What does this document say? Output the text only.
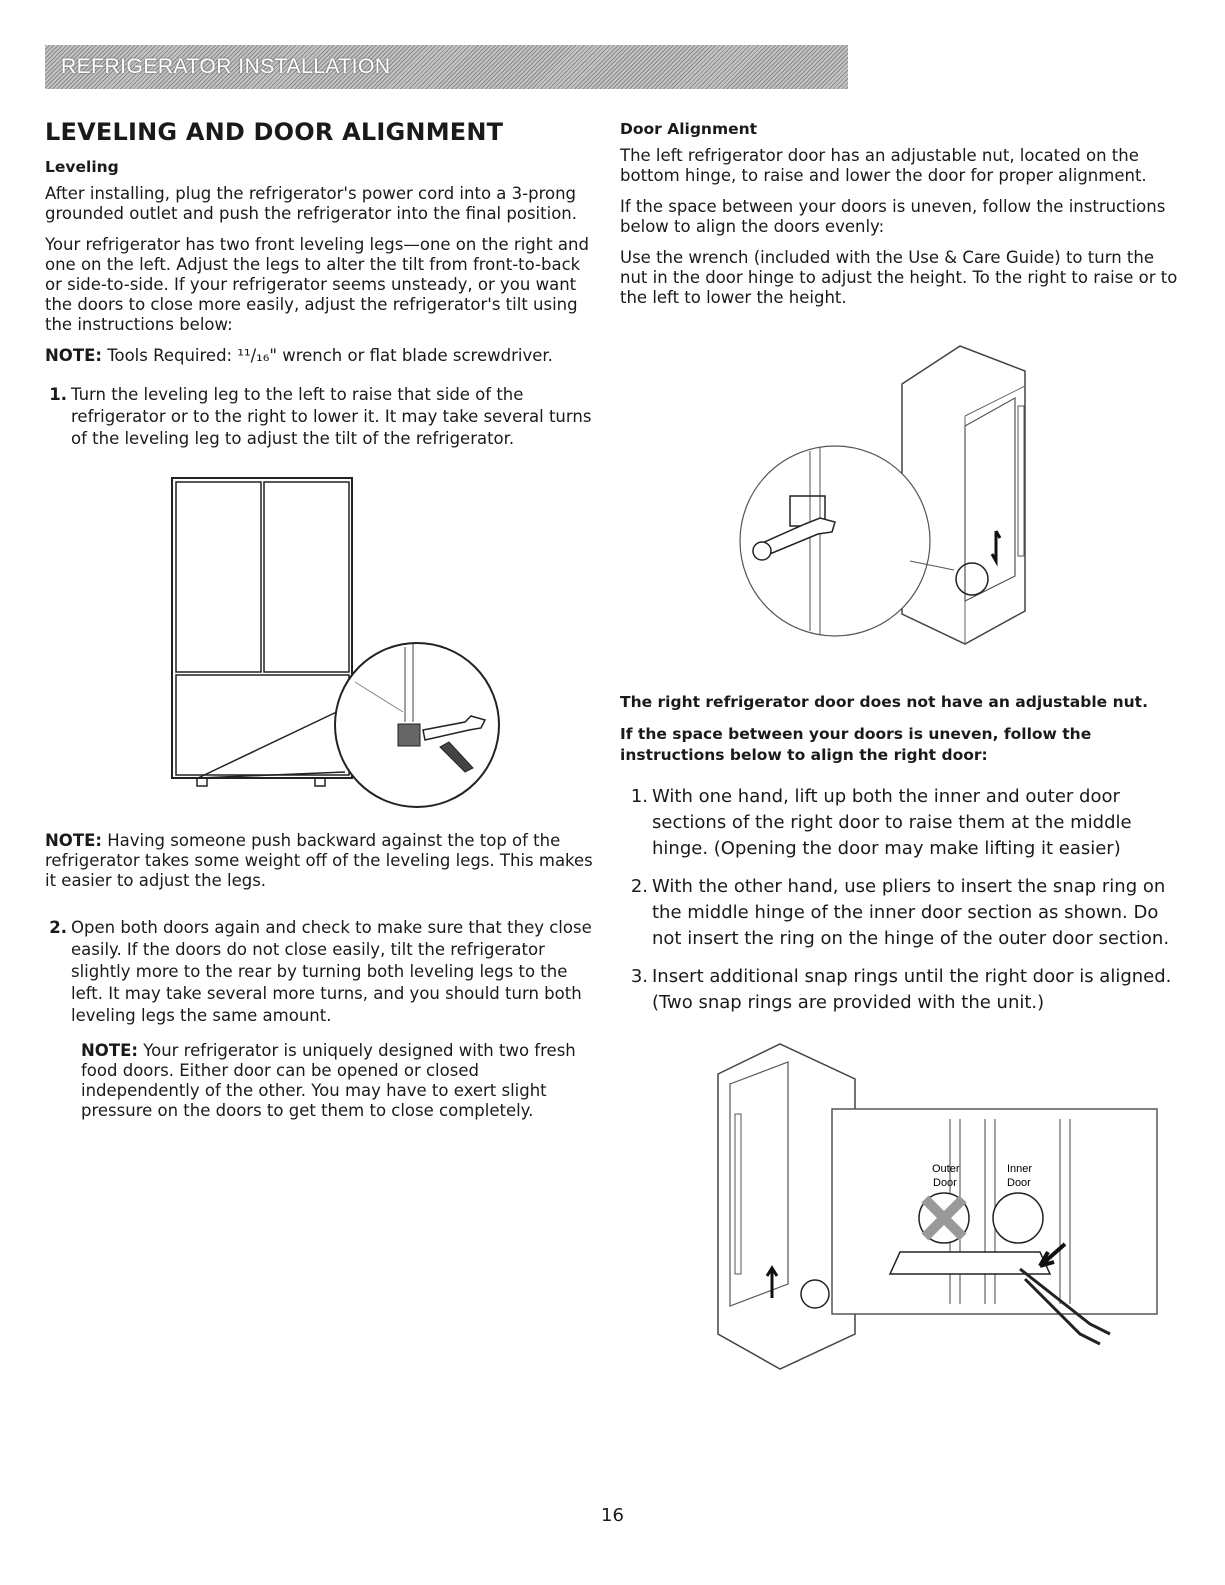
REFRIGERATOR INSTALLATION
LEVELING AND DOOR ALIGNMENT
Leveling

After installing, plug the refrigerator's power cord into a 3-prong grounded outlet and push the refrigerator into the final position.

Your refrigerator has two front leveling legs—one on the right and one on the left. Adjust the legs to alter the tilt from front-to-back or side-to-side. If your refrigerator seems unsteady, or you want the doors to close more easily, adjust the refrigerator's tilt using the instructions below:

NOTE: Tools Required: ¹¹/₁₆" wrench or flat blade screwdriver.

1. Turn the leveling leg to the left to raise that side of the refrigerator or to the right to lower it. It may take several turns of the leveling leg to adjust the tilt of the refrigerator.

NOTE: Having someone push backward against the top of the refrigerator takes some weight off of the leveling legs. This makes it easier to adjust the legs.

2. Open both doors again and check to make sure that they close easily. If the doors do not close easily, tilt the refrigerator slightly more to the rear by turning both leveling legs to the left. It may take several more turns, and you should turn both leveling legs the same amount.

NOTE: Your refrigerator is uniquely designed with two fresh food doors. Either door can be opened or closed independently of the other. You may have to exert slight pressure on the doors to get them to close completely.

Door Alignment

The left refrigerator door has an adjustable nut, located on the bottom hinge, to raise and lower the door for proper alignment.

If the space between your doors is uneven, follow the instructions below to align the doors evenly:

Use the wrench (included with the Use & Care Guide) to turn the nut in the door hinge to adjust the height. To the right to raise or to the left to lower the height.

The right refrigerator door does not have an adjustable nut.

If the space between your doors is uneven, follow the instructions below to align the right door:

1. With one hand, lift up both the inner and outer door sections of the right door to raise them at the middle hinge. (Opening the door may make lifting it easier)
2. With the other hand, use pliers to insert the snap ring on the middle hinge of the inner door section as shown. Do not insert the ring on the hinge of the outer door section.
3. Insert additional snap rings until the right door is aligned. (Two snap rings are provided with the unit.)
Outer
Door
Inner
Door
16
